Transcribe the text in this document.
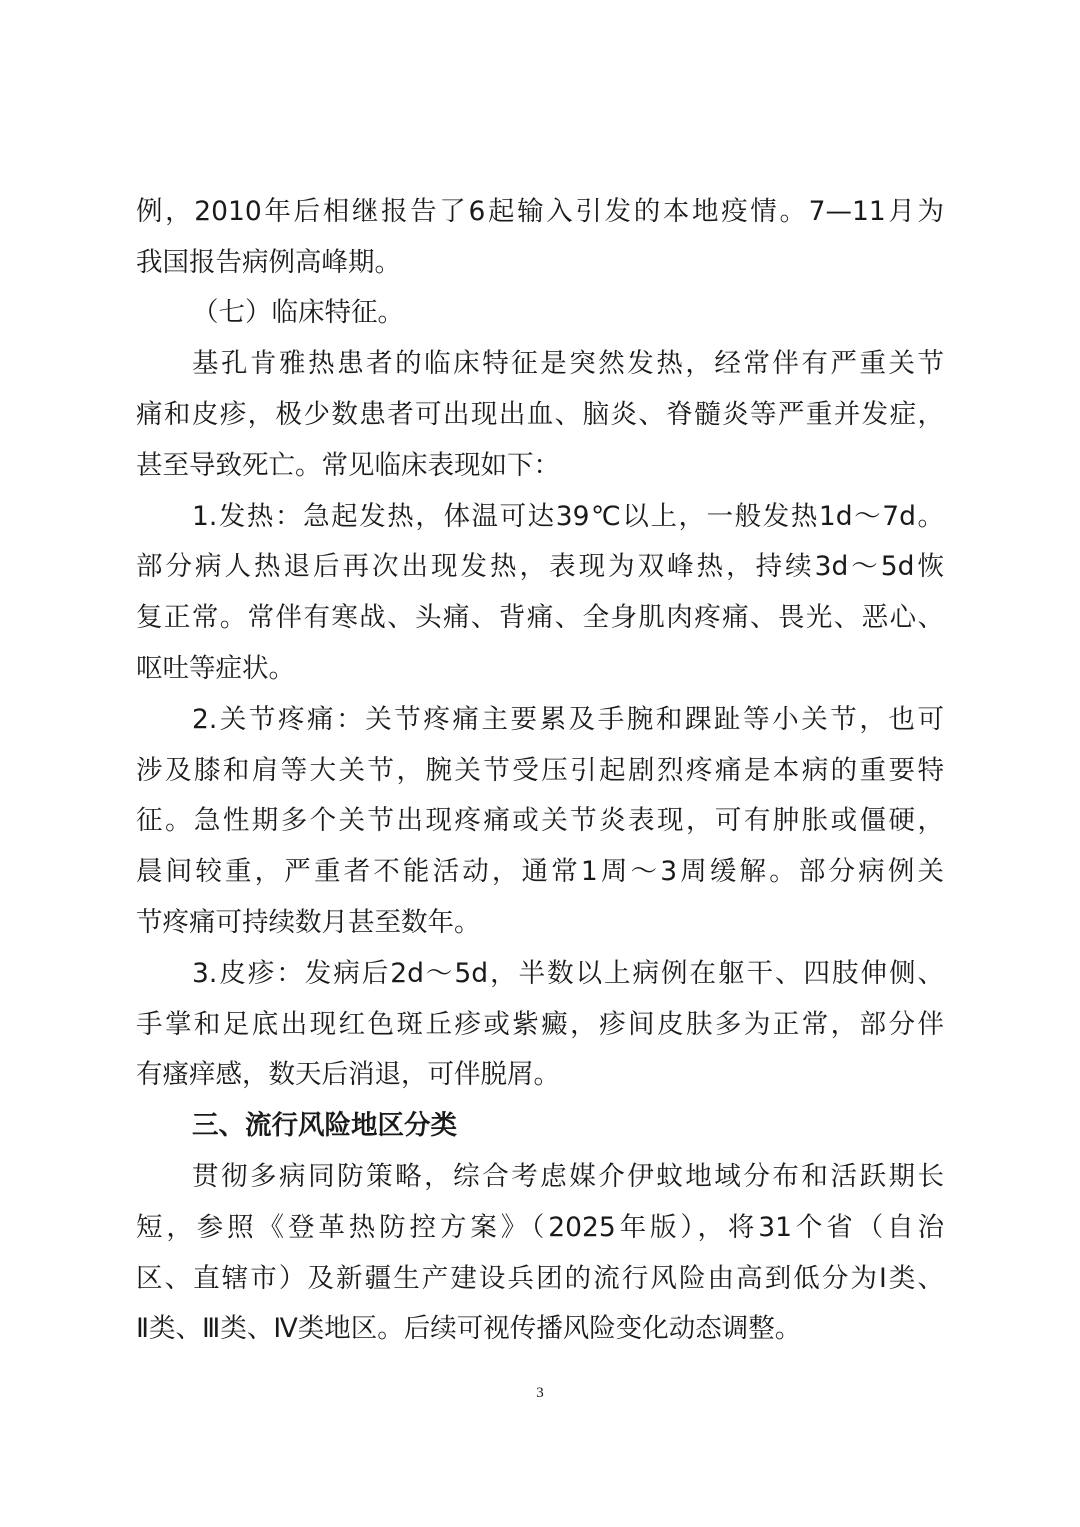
例，2010年后相继报告了6起输入引发的本地疫情。7—11月为
我国报告病例高峰期。
（七）临床特征。
基孔肯雅热患者的临床特征是突然发热，经常伴有严重关节
痛和皮疹，极少数患者可出现出血、脑炎、脊髓炎等严重并发症，
甚至导致死亡。常见临床表现如下：
1.发热：急起发热，体温可达39℃以上，一般发热1d～7d。
部分病人热退后再次出现发热，表现为双峰热，持续3d～5d恢
复正常。常伴有寒战、头痛、背痛、全身肌肉疼痛、畏光、恶心、
呕吐等症状。
2.关节疼痛：关节疼痛主要累及手腕和踝趾等小关节，也可
涉及膝和肩等大关节，腕关节受压引起剧烈疼痛是本病的重要特
征。急性期多个关节出现疼痛或关节炎表现，可有肿胀或僵硬，
晨间较重，严重者不能活动，通常1周～3周缓解。部分病例关
节疼痛可持续数月甚至数年。
3.皮疹：发病后2d～5d，半数以上病例在躯干、四肢伸侧、
手掌和足底出现红色斑丘疹或紫癜，疹间皮肤多为正常，部分伴
有瘙痒感，数天后消退，可伴脱屑。
三、流行风险地区分类
贯彻多病同防策略，综合考虑媒介伊蚊地域分布和活跃期长
短，参照《登革热防控方案》（2025年版），将31个省（自治
区、直辖市）及新疆生产建设兵团的流行风险由高到低分为Ⅰ类、
Ⅱ类、Ⅲ类、Ⅳ类地区。后续可视传播风险变化动态调整。
3
